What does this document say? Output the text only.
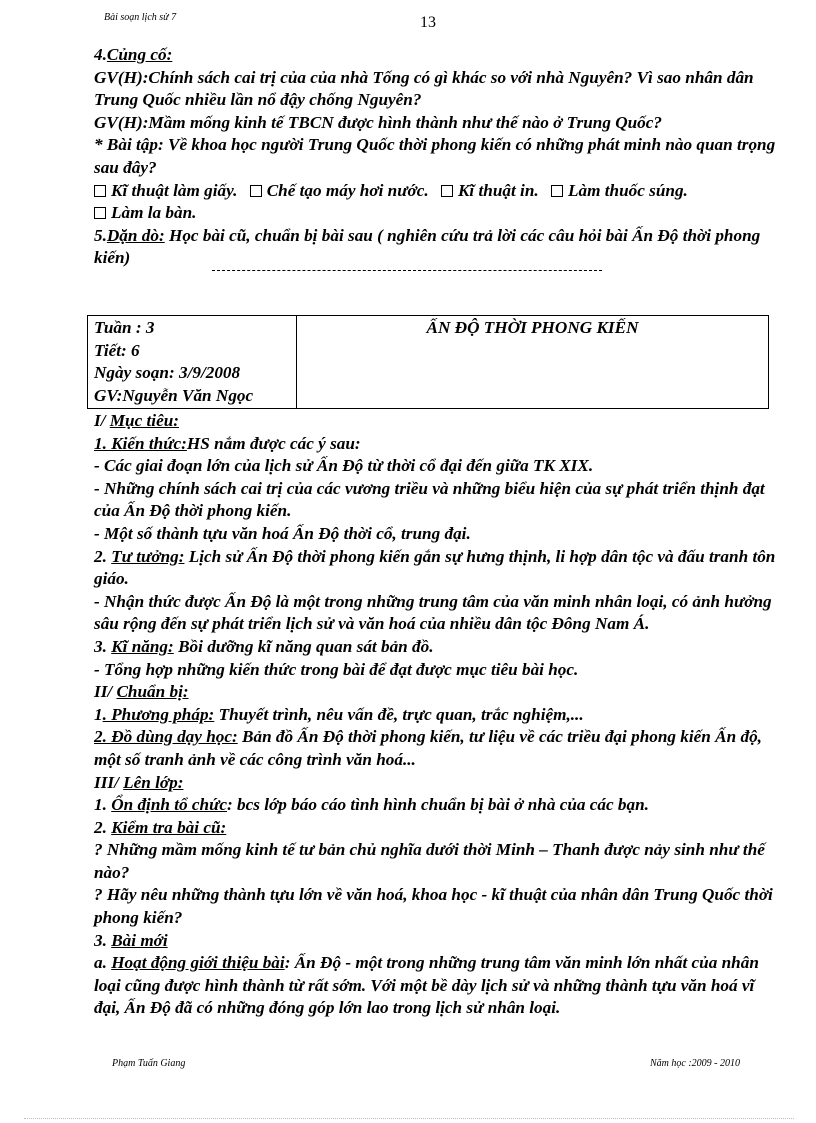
Bài soạn lịch sử 7	13

4.Củng cố:

GV(H):Chính sách cai trị của của nhà Tống có gì khác so với nhà Nguyên? Vì sao nhân dân Trung Quốc nhiều lần nổ đậy chống Nguyên?

GV(H):Mầm mống kinh tế TBCN được hình thành như thế nào ở Trung Quốc?

* Bài tập: Về khoa học người Trung Quốc thời phong kiến có những phát minh nào quan trọng sau đây?

Kĩ thuật làm giấy. Chế tạo máy hơi nước. Kĩ thuật in. Làm thuốc súng.

Làm la bàn.

5.Dặn dò: Học bài cũ, chuẩn bị bài sau ( nghiên cứu trả lời các câu hỏi bài Ấn Độ thời phong kiến)

Tuần : 3
Tiết: 6
Ngày soạn: 3/9/2008
GV:Nguyễn Văn Ngọc
	ẤN ĐỘ THỜI PHONG KIẾN

I/ Mục tiêu:

1. Kiến thức:HS nắm được các ý sau:

- Các giai đoạn lớn của lịch sử Ấn Độ từ thời cổ đại đến giữa TK XIX.

- Những chính sách cai trị của các vương triều và những biểu hiện của sự phát triển thịnh đạt của Ấn Độ thời phong kiến.

- Một số thành tựu văn hoá Ấn Độ thời cổ, trung đại.

2. Tư tưởng: Lịch sử Ấn Độ thời phong kiến gắn sự hưng thịnh, li hợp dân tộc và đấu tranh tôn giáo.

- Nhận thức được Ấn Độ là một trong những trung tâm của văn minh nhân loại, có ảnh hưởng sâu rộng đến sự phát triển lịch sử và văn hoá của nhiều dân tộc Đông Nam Á.

3. Kĩ năng: Bồi dưỡng kĩ năng quan sát bản đồ.

- Tổng hợp những kiến thức trong bài để đạt được mục tiêu bài học.

II/ Chuẩn bị:

1. Phương pháp: Thuyết trình, nêu vấn đề, trực quan, trắc nghiệm,...

2. Đồ dùng dạy học: Bản đồ Ấn Độ thời phong kiến, tư liệu về các triều đại phong kiến Ấn độ, một số tranh ảnh về các công trình văn hoá...

III/ Lên lớp:

1. Ổn định tổ chức: bcs lớp báo cáo tình hình chuẩn bị bài ở nhà của các bạn.

2. Kiểm tra bài cũ:

? Những mầm mống kinh tế tư bản chủ nghĩa dưới thời Minh – Thanh được nảy sinh như thế nào?

? Hãy nêu những thành tựu lớn về văn hoá, khoa học - kĩ thuật của nhân dân Trung Quốc thời phong kiến?

3. Bài mới

a. Hoạt động giới thiệu bài: Ấn Độ - một trong những trung tâm văn minh lớn nhất của nhân loại cũng được hình thành từ rất sớm. Với một bề dày lịch sử và những thành tựu văn hoá vĩ đại, Ấn Độ đã có những đóng góp lớn lao trong lịch sử nhân loại.

Phạm Tuấn Giang	Năm học :2009 - 2010
